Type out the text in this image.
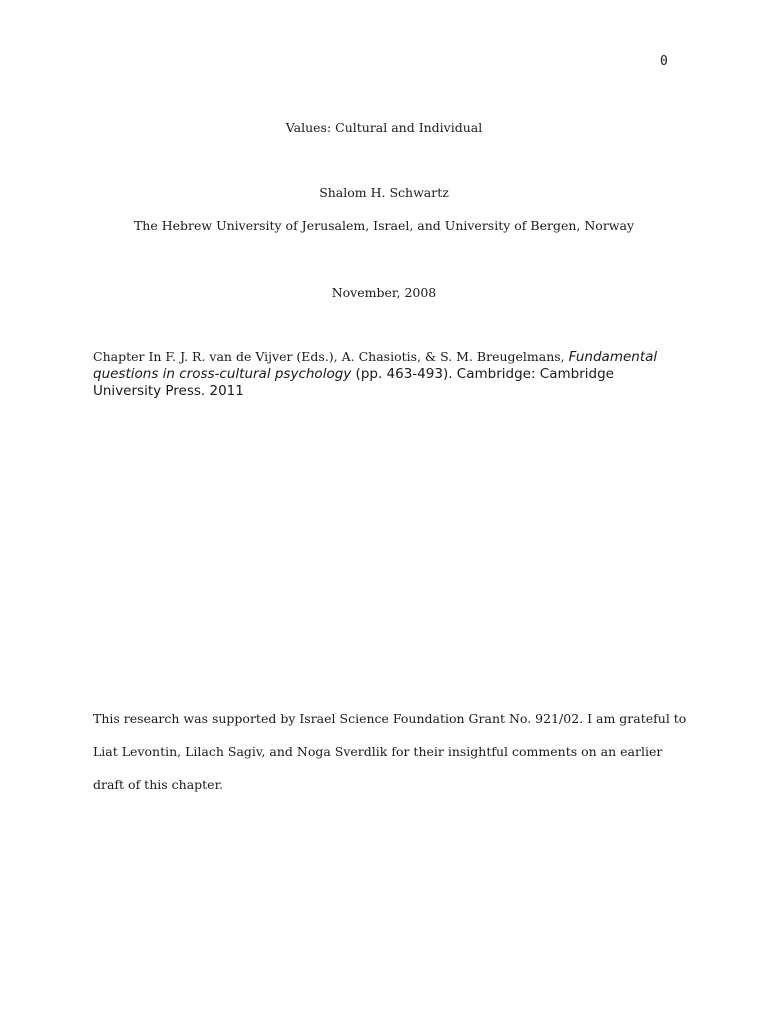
0
Values: Cultural and Individual
Shalom H. Schwartz
The Hebrew University of Jerusalem, Israel, and University of Bergen, Norway
November, 2008
Chapter In F. J. R. van de Vijver (Eds.), A. Chasiotis, & S. M. Breugelmans, Fundamental questions in cross-cultural psychology (pp. 463-493). Cambridge: Cambridge University Press. 2011
This research was supported by Israel Science Foundation Grant No. 921/02. I am grateful to
Liat Levontin, Lilach Sagiv, and Noga Sverdlik for their insightful comments on an earlier
draft of this chapter.
